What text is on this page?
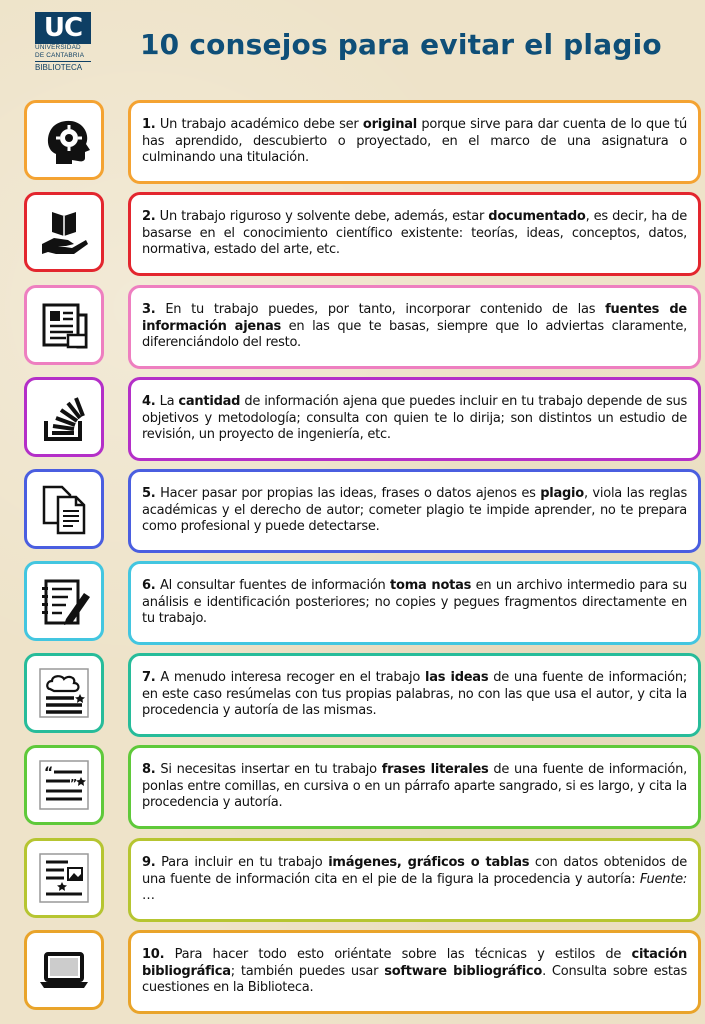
UC
UNIVERSIDAD
DE CANTABRIA
BIBLIOTECA
10 consejos para evitar el plagio

1. Un trabajo académico debe ser original porque sirve para dar cuenta de lo que tú has aprendido, descubierto o proyectado, en el marco de una asignatura o culminando una titulación.

2. Un trabajo riguroso y solvente debe, además, estar documentado, es decir, ha de basarse en el conocimiento científico existente: teorías, ideas, conceptos, datos, normativa, estado del arte, etc.

3. En tu trabajo puedes, por tanto, incorporar contenido de las fuentes de información ajenas en las que te basas, siempre que lo adviertas claramente, diferenciándolo del resto.

4. La cantidad de información ajena que puedes incluir en tu trabajo depende de sus objetivos y metodología; consulta con quien te lo dirija; son distintos un estudio de revisión, un proyecto de ingeniería, etc.

5. Hacer pasar por propias las ideas, frases o datos ajenos es plagio, viola las reglas académicas y el derecho de autor; cometer plagio te impide aprender, no te prepara como profesional y puede detectarse.

6. Al consultar fuentes de información toma notas en un archivo intermedio para su análisis e identificación posteriores; no copies y pegues fragmentos directamente en tu trabajo.

7. A menudo interesa recoger en el trabajo las ideas de una fuente de información; en este caso resúmelas con tus propias palabras, no con las que usa el autor, y cita la procedencia y autoría de las mismas.

“
”

8. Si necesitas insertar en tu trabajo frases literales de una fuente de información, ponlas entre comillas, en cursiva o en un párrafo aparte sangrado, si es largo, y cita la procedencia y autoría.

9. Para incluir en tu trabajo imágenes, gráficos o tablas con datos obtenidos de una fuente de información cita en el pie de la figura la procedencia y autoría: Fuente: …

10. Para hacer todo esto oriéntate sobre las técnicas y estilos de citación bibliográfica; también puedes usar software bibliográfico. Consulta sobre estas cuestiones en la Biblioteca.
